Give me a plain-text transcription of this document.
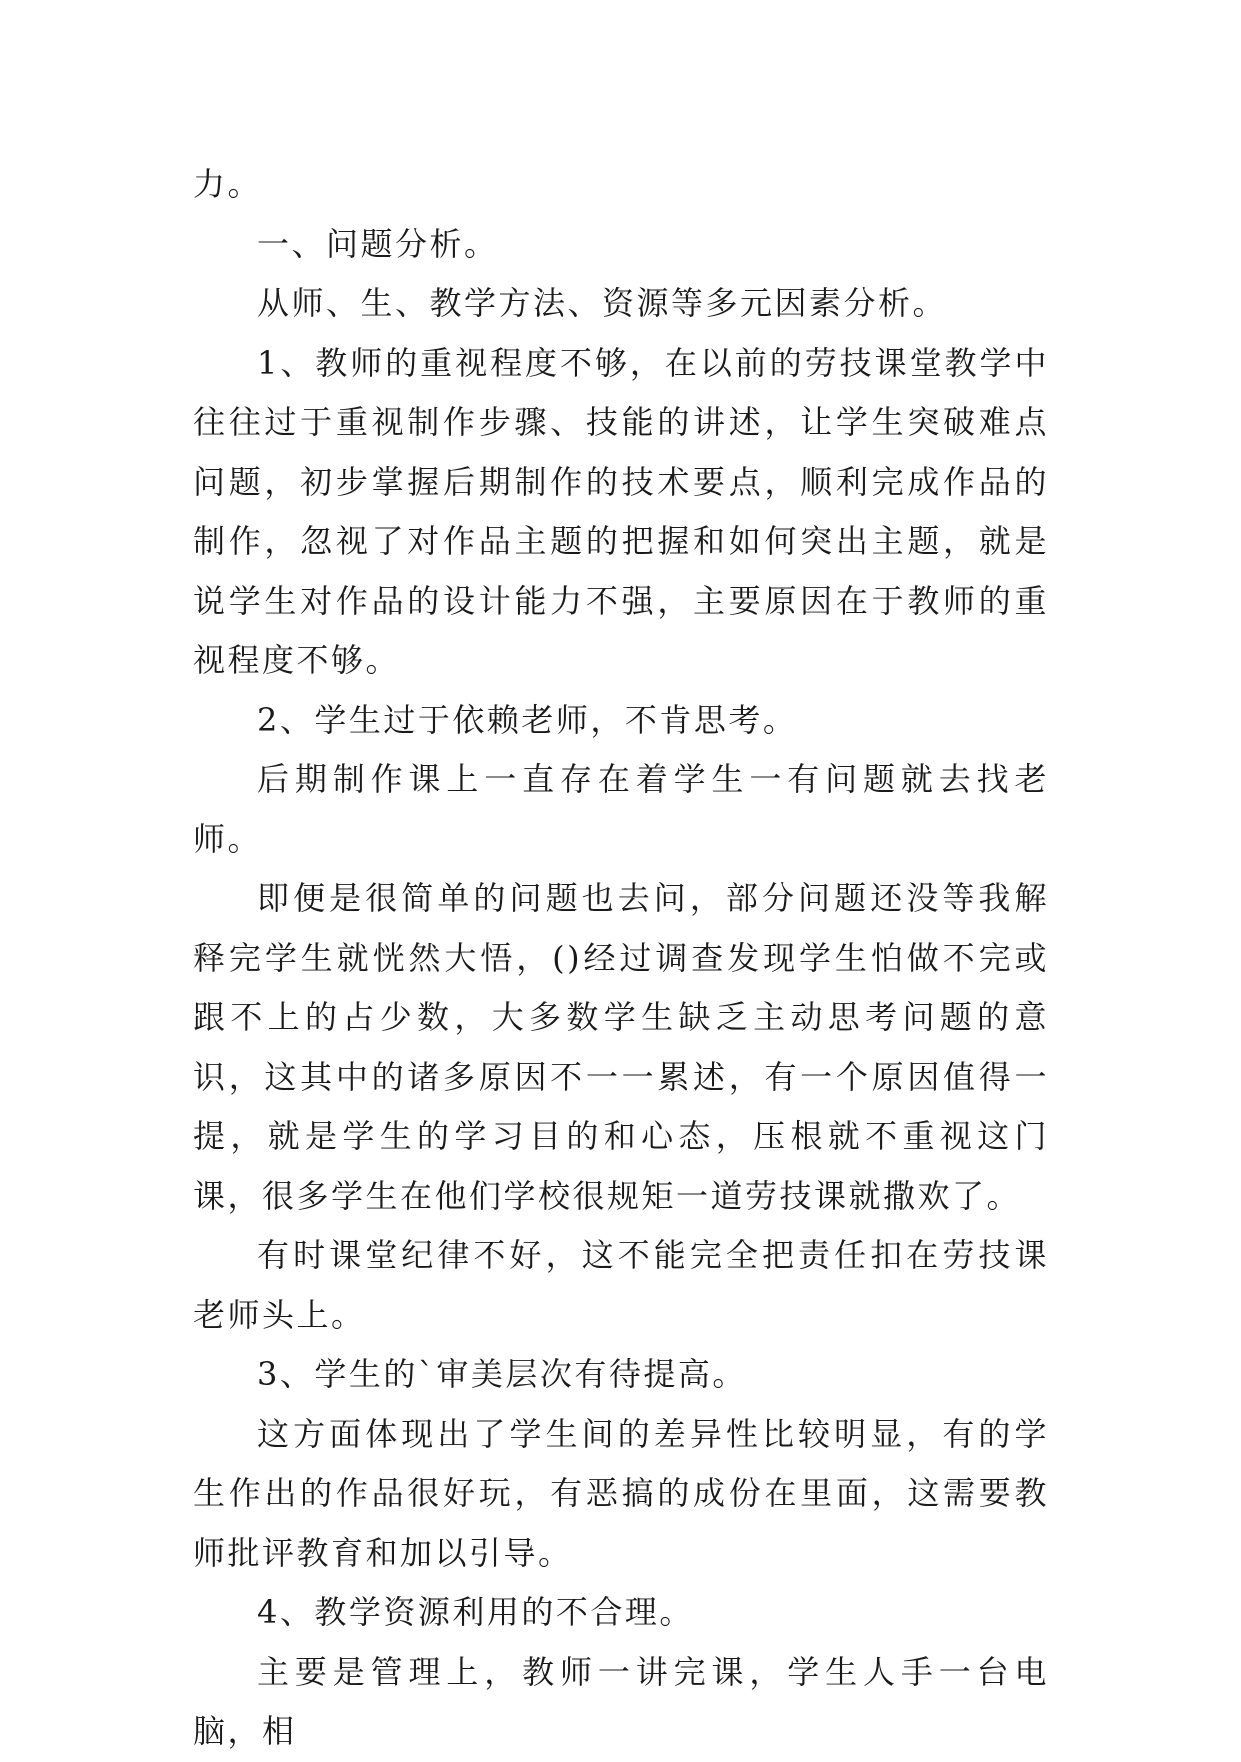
力。

一、问题分析。

从师、生、教学方法、资源等多元因素分析。

1、教师的重视程度不够，在以前的劳技课堂教学中往往过于重视制作步骤、技能的讲述，让学生突破难点问题，初步掌握后期制作的技术要点，顺利完成作品的制作，忽视了对作品主题的把握和如何突出主题，就是说学生对作品的设计能力不强，主要原因在于教师的重视程度不够。

2、学生过于依赖老师，不肯思考。

后期制作课上一直存在着学生一有问题就去找老师。

即便是很简单的问题也去问，部分问题还没等我解释完学生就恍然大悟，()经过调查发现学生怕做不完或跟不上的占少数，大多数学生缺乏主动思考问题的意识，这其中的诸多原因不一一累述，有一个原因值得一提，就是学生的学习目的和心态，压根就不重视这门课，很多学生在他们学校很规矩一道劳技课就撒欢了。

有时课堂纪律不好，这不能完全把责任扣在劳技课老师头上。

3、学生的`审美层次有待提高。

这方面体现出了学生间的差异性比较明显，有的学生作出的作品很好玩，有恶搞的成份在里面，这需要教师批评教育和加以引导。

4、教学资源利用的不合理。

主要是管理上，教师一讲完课，学生人手一台电脑，相
